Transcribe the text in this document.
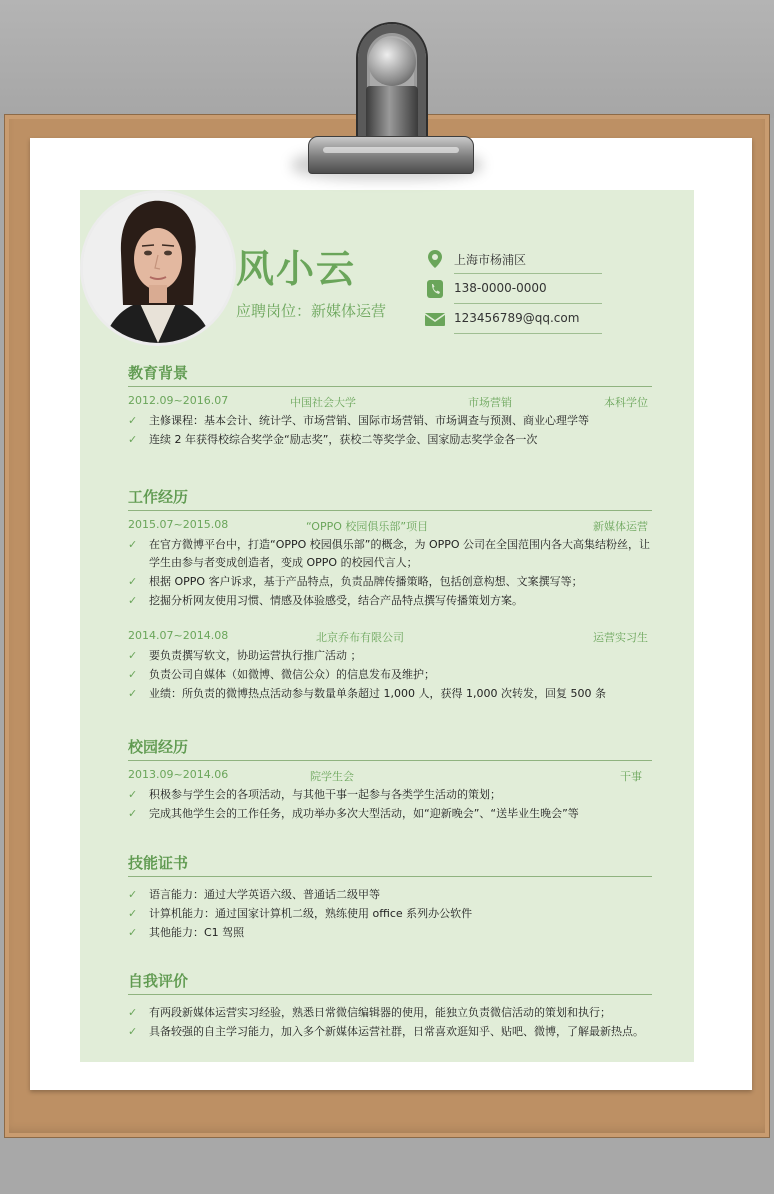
风小云
应聘岗位：新媒体运营
上海市杨浦区
138-0000-0000
123456789@qq.com
教育背景
2012.09~2016.07	中国社会大学	市场营销	本科学位
✓ 主修课程：基本会计、统计学、市场营销、国际市场营销、市场调查与预测、商业心理学等
✓ 连续 2 年获得校综合奖学金“励志奖”，获校二等奖学金、国家励志奖学金各一次
工作经历
2015.07~2015.08	“OPPO 校园俱乐部”项目	新媒体运营
✓ 在官方微博平台中，打造“OPPO 校园俱乐部”的概念，为 OPPO 公司在全国范围内各大高集结粉丝，让学生由参与者变成创造者，变成 OPPO 的校园代言人；
✓ 根据 OPPO 客户诉求，基于产品特点，负责品牌传播策略，包括创意构想、文案撰写等；
✓ 挖掘分析网友使用习惯、情感及体验感受，结合产品特点撰写传播策划方案。
2014.07~2014.08	北京乔布有限公司	运营实习生
✓ 要负责撰写软文，协助运营执行推广活动 ；
✓ 负责公司自媒体（如微博、微信公众）的信息发布及维护；
✓ 业绩：所负责的微博热点活动参与数量单条超过 1,000 人，获得 1,000 次转发，回复 500 条
校园经历
2013.09~2014.06	院学生会	干事
✓ 积极参与学生会的各项活动，与其他干事一起参与各类学生活动的策划；
✓ 完成其他学生会的工作任务，成功举办多次大型活动，如“迎新晚会”、“送毕业生晚会”等
技能证书
✓ 语言能力：通过大学英语六级、普通话二级甲等
✓ 计算机能力：通过国家计算机二级，熟练使用 office 系列办公软件
✓ 其他能力：C1 驾照
自我评价
✓ 有两段新媒体运营实习经验，熟悉日常微信编辑器的使用，能独立负责微信活动的策划和执行；
✓ 具备较强的自主学习能力，加入多个新媒体运营社群，日常喜欢逛知乎、贴吧、微博，了解最新热点。
